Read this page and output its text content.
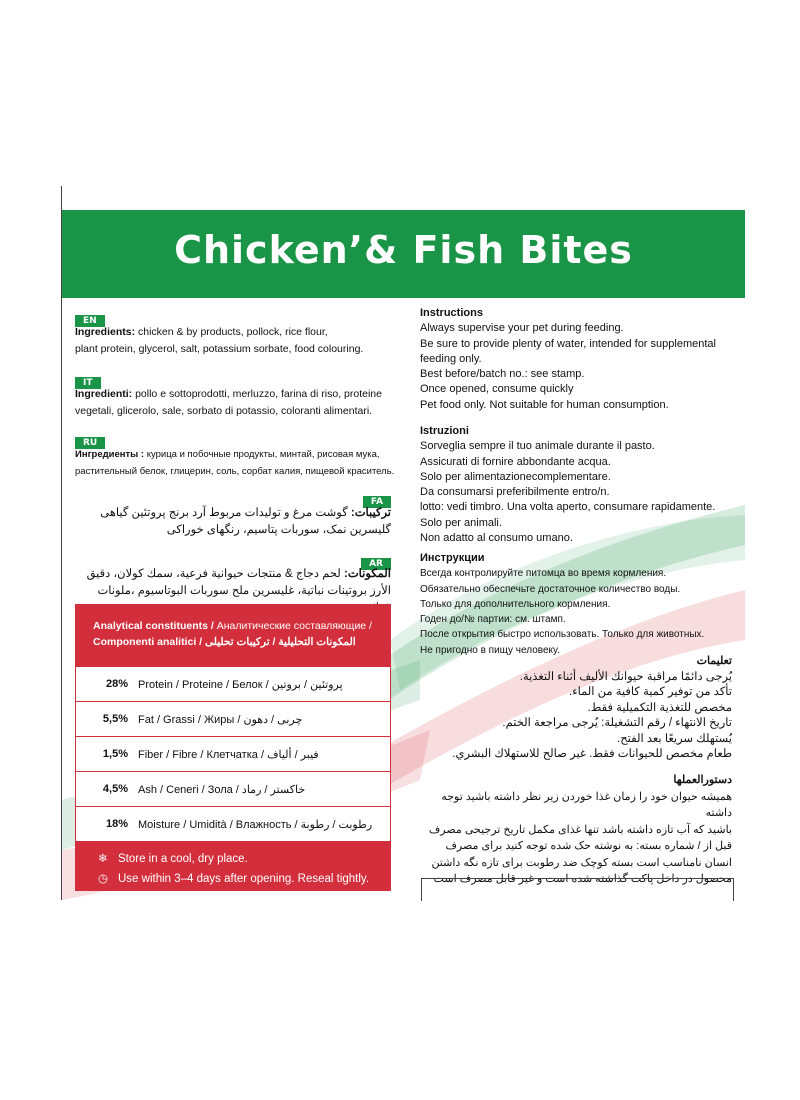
Chicken’& Fish Bites
EN
Ingredients: chicken & by products, pollock, rice flour,
plant protein, glycerol, salt, potassium sorbate, food colouring.
IT
Ingredienti: pollo e sottoprodotti, merluzzo, farina di riso, proteine
vegetali, glicerolo, sale, sorbato di potassio, coloranti alimentari.
RU
Ингредиенты : курица и побочные продукты, минтай, рисовая мука,
растительный белок, глицерин, соль, сорбат калия, пищевой краситель.
FA
ترکیبات: گوشت مرغ و تولیدات مربوط آرد برنج پروتئین گیاهی
گلیسرین نمک، سوربات پتاسیم، رنگهای خوراکی
AR
المكونات: لحم دجاج & منتجات حيوانية فرعية، سمك كولان، دقيق
الأرز بروتينات نباتية، غليسرين ملح سوربات البوتاسيوم ،ملونات
Analytical constituents / Аналитические составляющие /
Componenti analitici / المكونات التحليلية / ترکیبات تحلیلی
28% Protein / Proteine / Белок / پروتئین / بروتين
5,5% Fat / Grassi / Жиры / چربی / دهون
1,5% Fiber / Fibre / Клетчатка / فیبر / ألياف
4,5% Ash / Ceneri / Зола / خاکستر / رماد
18% Moisture / Umidità / Влажность / رطوبت / رطوبة
❄ Store in a cool, dry place.
◷ Use within 3–4 days after opening. Reseal tightly.
Instructions
Always supervise your pet during feeding.
Be sure to provide plenty of water, intended for supplemental
feeding only.
Best before/batch no.: see stamp.
Once opened, consume quickly
Pet food only. Not suitable for human consumption.
Istruzioni
Sorveglia sempre il tuo animale durante il pasto.
Assicurati di fornire abbondante acqua.
Solo per alimentazionecomplementare.
Da consumarsi preferibilmente entro/n.
lotto: vedi timbro. Una volta aperto, consumare rapidamente.
Solo per animali.
Non adatto al consumo umano.
Инструкции
Всегда контролируйте питомца во время кормления.
Обязательно обеспечьте достаточное количество воды.
Только для дополнительного кормления.
Годен до/№ партии: см. штамп.
После открытия быстро использовать. Только для животных.
Не пригодно в пищу человеку.
تعليمات
يُرجى دائمًا مراقبة حيوانك الأليف أثناء التغذية.
تأكد من توفير كمية كافية من الماء.
مخصص للتغذية التكميلية فقط.
تاريخ الانتهاء / رقم التشغيلة: يُرجى مراجعة الختم.
يُستهلك سريعًا بعد الفتح.
طعام مخصص للحيوانات فقط. غير صالح للاستهلاك البشري.
دستورالعملها
همیشه حیوان خود را زمان غذا خوردن زیر نظر داشته باشید توجه داشته
باشید که آب تازه داشته باشد تنها غذای مکمل تاریخ ترجیحی مصرف
قبل از / شماره بسته: به نوشته حک شده توجه کنید برای مصرف
انسان نامناسب است بسته کوچک ضد رطوبت برای تازه نگه داشتن
محصول در داخل پاکت گذاشته شده است و غیر قابل مصرف است
